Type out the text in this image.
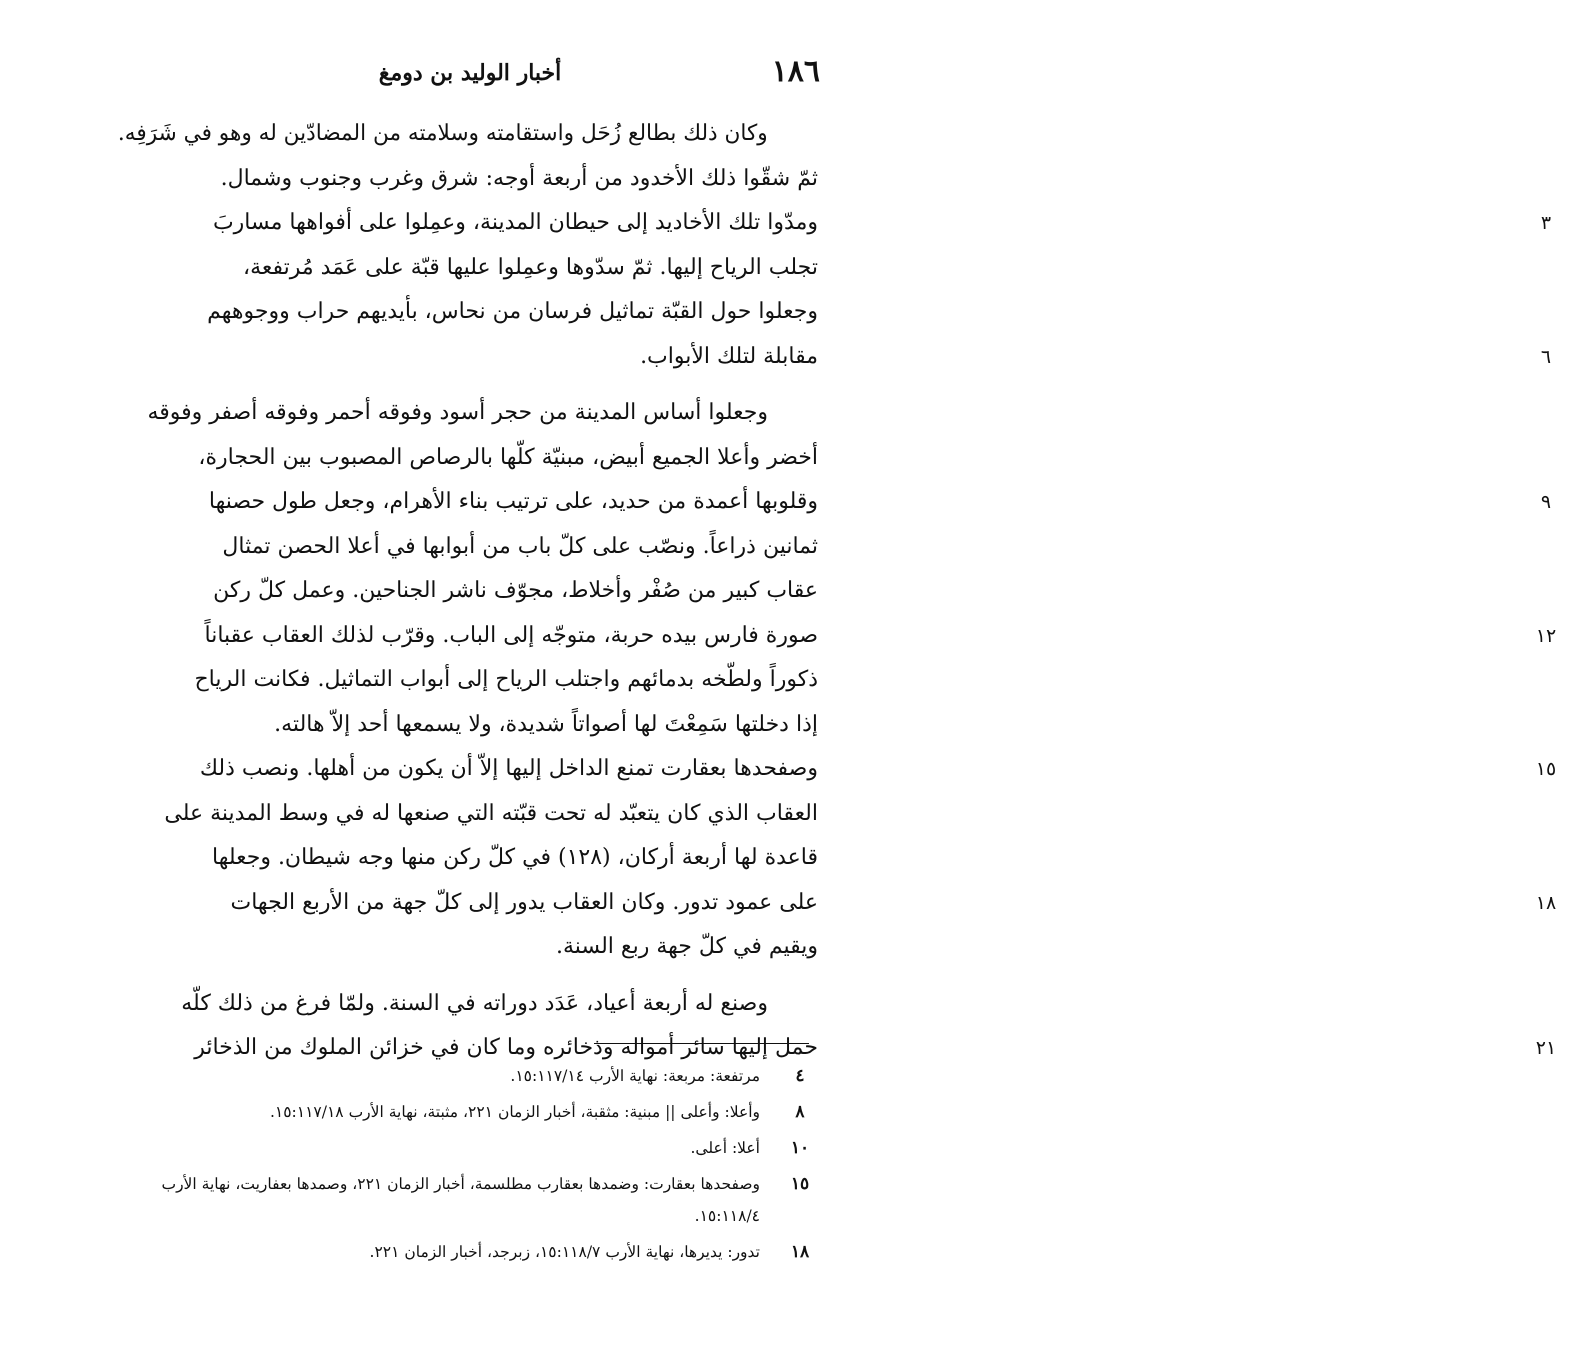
١٨٦
أخبار الوليد بن دومغ
وكان ذلك بطالع زُحَل واستقامته وسلامته من المضادّين له وهو في شَرَفِه.
ثمّ شقّوا ذلك الأخدود من أربعة أوجه: شرق وغرب وجنوب وشمال.
ومدّوا تلك الأخاديد إلى حيطان المدينة، وعمِلوا على أفواهها مساربَ	٣
تجلب الرياح إليها. ثمّ سدّوها وعمِلوا عليها قبّة على عَمَد مُرتفعة،
وجعلوا حول القبّة تماثيل فرسان من نحاس، بأيديهم حراب ووجوههم
مقابلة لتلك الأبواب.	٦
وجعلوا أساس المدينة من حجر أسود وفوقه أحمر وفوقه أصفر وفوقه
أخضر وأعلا الجميع أبيض، مبنيّة كلّها بالرصاص المصبوب بين الحجارة،
وقلوبها أعمدة من حديد، على ترتيب بناء الأهرام، وجعل طول حصنها	٩
ثمانين ذراعاً. ونصّب على كلّ باب من أبوابها في أعلا الحصن تمثال
عقاب كبير من صُفْر وأخلاط، مجوّف ناشر الجناحين. وعمل كلّ ركن
صورة فارس بيده حربة، متوجّه إلى الباب. وقرّب لذلك العقاب عقباناً	١٢
ذكوراً ولطّخه بدمائهم واجتلب الرياح إلى أبواب التماثيل. فكانت الرياح
إذا دخلتها سَمِعْتَ لها أصواتاً شديدة، ولا يسمعها أحد إلاّ هالته.
وصفحدها بعقارت تمنع الداخل إليها إلاّ أن يكون من أهلها. ونصب ذلك	١٥
العقاب الذي كان يتعبّد له تحت قبّته التي صنعها له في وسط المدينة على
قاعدة لها أربعة أركان، (١٢٨) في كلّ ركن منها وجه شيطان. وجعلها
على عمود تدور. وكان العقاب يدور إلى كلّ جهة من الأربع الجهات	١٨
ويقيم في كلّ جهة ربع السنة.
وصنع له أربعة أعياد، عَدَد دوراته في السنة. ولمّا فرغ من ذلك كلّه
حمل إليها سائر أمواله وذخائره وما كان في خزائن الملوك من الذخائر	٢١
٤
مرتفعة: مربعة: نهاية الأرب ١٥:١١٧/١٤.
٨
وأعلا: وأعلى || مبنية: مثقبة، أخبار الزمان ٢٢١، مثبتة، نهاية الأرب ١٥:١١٧/١٨.
١٠
أعلا: أعلى.
١٥
وصفحدها بعقارت: وضمدها بعقارب مطلسمة، أخبار الزمان ٢٢١، وصمدها بعفاريت، نهاية الأرب ١٥:١١٨/٤.
١٨
تدور: يديرها، نهاية الأرب ١٥:١١٨/٧، زبرجد، أخبار الزمان ٢٢١.
